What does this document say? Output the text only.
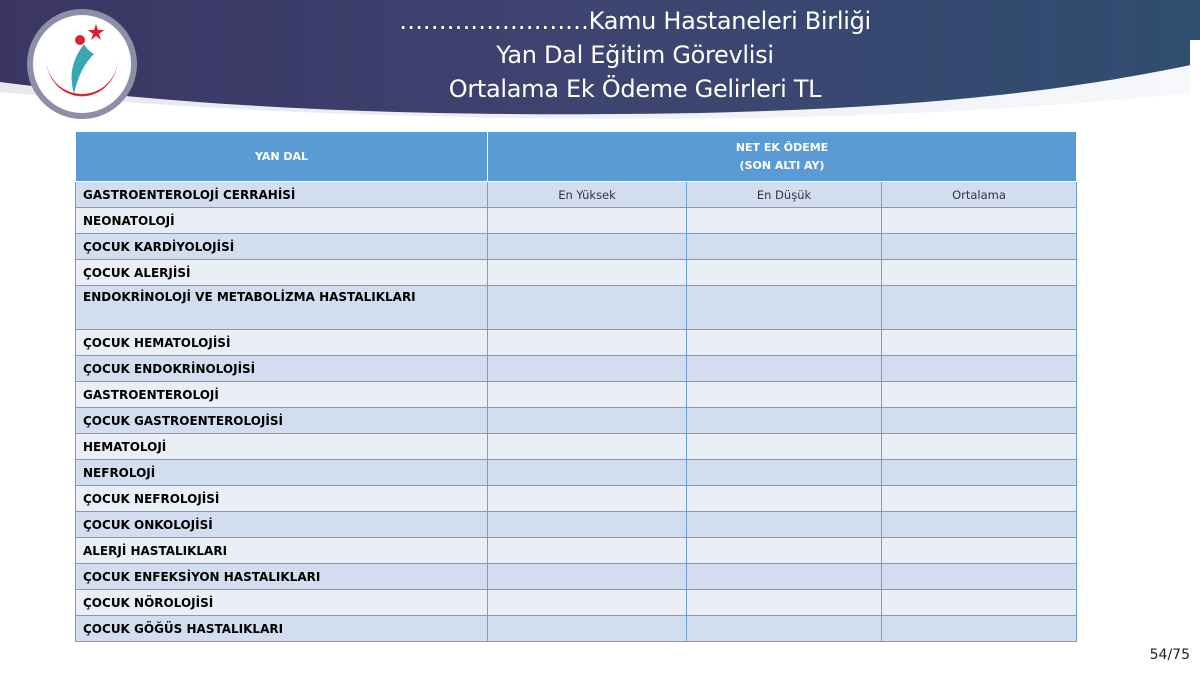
……………………Kamu Hastaneleri Birliği
Yan Dal Eğitim Görevlisi
Ortalama Ek Ödeme Gelirleri TL
YAN DAL	NET EK ÖDEME
(SON ALTI AY)		

GASTROENTEROLOJİ CERRAHİSİ	En Yüksek	En Düşük	Ortalama
NEONATOLOJİ			
ÇOCUK KARDİYOLOJİSİ			
ÇOCUK ALERJİSİ			
ENDOKRİNOLOJİ VE METABOLİZMA HASTALIKLARI			
ÇOCUK HEMATOLOJİSİ			
ÇOCUK ENDOKRİNOLOJİSİ			
GASTROENTEROLOJİ			
ÇOCUK GASTROENTEROLOJİSİ			
HEMATOLOJİ			
NEFROLOJİ			
ÇOCUK NEFROLOJİSİ			
ÇOCUK ONKOLOJİSİ			
ALERJİ HASTALIKLARI			
ÇOCUK ENFEKSİYON HASTALIKLARI			
ÇOCUK NÖROLOJİSİ			
ÇOCUK GÖĞÜS HASTALIKLARI			
54/75
